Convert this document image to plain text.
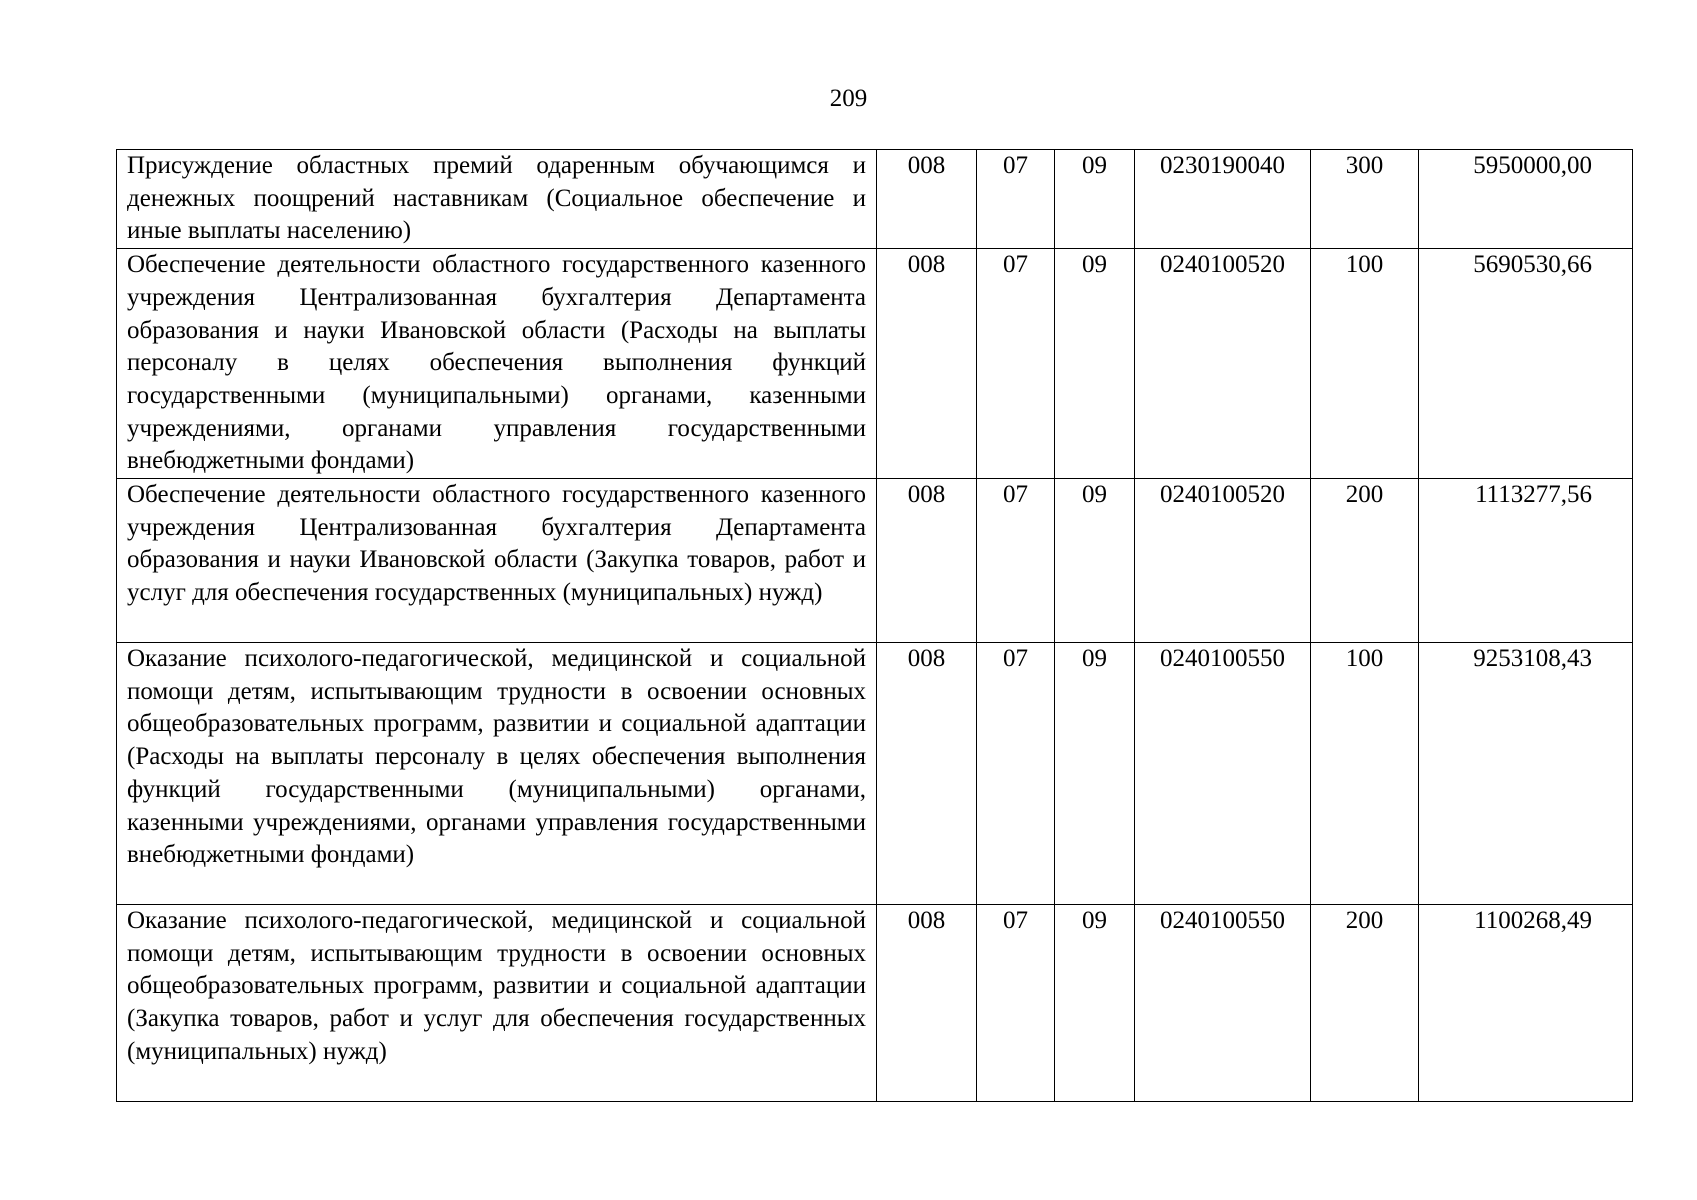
209
Присуждение областных премий одаренным обучающимся и денежных поощрений наставникам (Социальное обеспечение и иные выплаты населению)	008	07	09	0230190040	300	5950000,00
Обеспечение деятельности областного государственного казенного учреждения Централизованная бухгалтерия Департамента образования и науки Ивановской области (Расходы на выплаты персоналу в целях обеспечения выполнения функций государственными (муниципальными) органами, казенными учреждениями, органами управления государственными внебюджетными фондами)	008	07	09	0240100520	100	5690530,66
Обеспечение деятельности областного государственного казенного учреждения Централизованная бухгалтерия Департамента образования и науки Ивановской области (Закупка товаров, работ и услуг для обеспечения государственных (муниципальных) нужд)	008	07	09	0240100520	200	1113277,56
Оказание психолого-педагогической, медицинской и социальной помощи детям, испытывающим трудности в освоении основных общеобразовательных программ, развитии и социальной адаптации (Расходы на выплаты персоналу в целях обеспечения выполнения функций государственными (муниципальными) органами, казенными учреждениями, органами управления государственными внебюджетными фондами)	008	07	09	0240100550	100	9253108,43
Оказание психолого-педагогической, медицинской и социальной помощи детям, испытывающим трудности в освоении основных общеобразовательных программ, развитии и социальной адаптации (Закупка товаров, работ и услуг для обеспечения государственных (муниципальных) нужд)	008	07	09	0240100550	200	1100268,49
